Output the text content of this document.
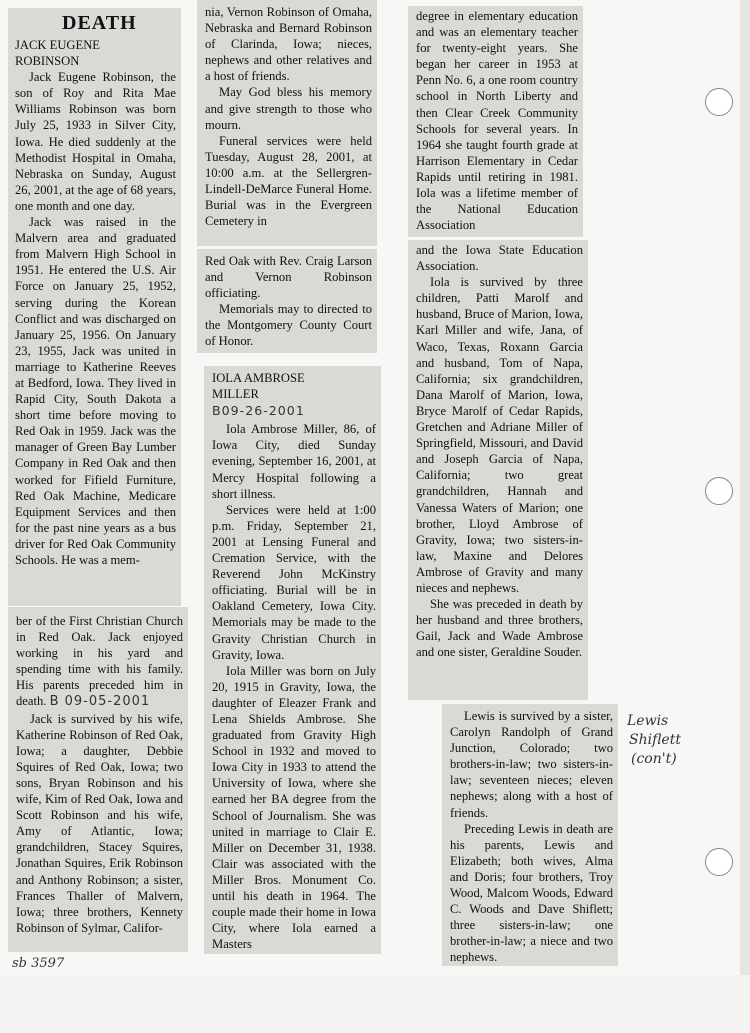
DEATH

JACK EUGENE

ROBINSON

Jack Eugene Robinson, the son of Roy and Rita Mae Williams Robinson was born July 25, 1933 in Silver City, Iowa. He died suddenly at the Methodist Hospital in Omaha, Nebraska on Sunday, August 26, 2001, at the age of 68 years, one month and one day.

Jack was raised in the Malvern area and graduated from Malvern High School in 1951. He entered the U.S. Air Force on January 25, 1952, serving during the Korean Conflict and was discharged on January 25, 1956. On January 23, 1955, Jack was united in marriage to Katherine Reeves at Bedford, Iowa. They lived in Rapid City, South Dakota a short time before moving to Red Oak in 1959. Jack was the manager of Green Bay Lumber Company in Red Oak and then worked for Fifield Furniture, Red Oak Machine, Medicare Equipment Services and then for the past nine years as a bus driver for Red Oak Community Schools. He was a mem-

ber of the First Christian Church in Red Oak. Jack enjoyed working in his yard and spending time with his family. His parents preceded him in death. B 09-05-2001

Jack is survived by his wife, Katherine Robinson of Red Oak, Iowa; a daughter, Debbie Squires of Red Oak, Iowa; two sons, Bryan Robinson and his wife, Kim of Red Oak, Iowa and Scott Robinson and his wife, Amy of Atlantic, Iowa; grandchildren, Stacey Squires, Jonathan Squires, Erik Robinson and Anthony Robinson; a sister, Frances Thaller of Malvern, Iowa; three brothers, Kennety Robinson of Sylmar, Califor-

nia, Vernon Robinson of Omaha, Nebraska and Bernard Robinson of Clarinda, Iowa; nieces, nephews and other relatives and a host of friends.

May God bless his memory and give strength to those who mourn.

Funeral services were held Tuesday, August 28, 2001, at 10:00 a.m. at the Sellergren-Lindell-DeMarce Funeral Home. Burial was in the Evergreen Cemetery in

Red Oak with Rev. Craig Larson and Vernon Robinson officiating.

Memorials may to directed to the Montgomery County Court of Honor.

IOLA AMBROSE

MILLER

B09-26-2001

Iola Ambrose Miller, 86, of Iowa City, died Sunday evening, September 16, 2001, at Mercy Hospital following a short illness.

Services were held at 1:00 p.m. Friday, September 21, 2001 at Lensing Funeral and Cremation Service, with the Reverend John McKinstry officiating. Burial will be in Oakland Cemetery, Iowa City. Memorials may be made to the Gravity Christian Church in Gravity, Iowa.

Iola Miller was born on July 20, 1915 in Gravity, Iowa, the daughter of Eleazer Frank and Lena Shields Ambrose. She graduated from Gravity High School in 1932 and moved to Iowa City in 1933 to attend the University of Iowa, where she earned her BA degree from the School of Journalism. She was united in marriage to Clair E. Miller on December 31, 1938. Clair was associated with the Miller Bros. Monument Co. until his death in 1964. The couple made their home in Iowa City, where Iola earned a Masters

degree in elementary education and was an elementary teacher for twenty-eight years. She began her career in 1953 at Penn No. 6, a one room country school in North Liberty and then Clear Creek Community Schools for several years. In 1964 she taught fourth grade at Harrison Elementary in Cedar Rapids until retiring in 1981. Iola was a lifetime member of the National Education Association

and the Iowa State Education Association.

Iola is survived by three children, Patti Marolf and husband, Bruce of Marion, Iowa, Karl Miller and wife, Jana, of Waco, Texas, Roxann Garcia and husband, Tom of Napa, California; six grandchildren, Dana Marolf of Marion, Iowa, Bryce Marolf of Cedar Rapids, Gretchen and Adriane Miller of Springfield, Missouri, and David and Joseph Garcia of Napa, California; two great grandchildren, Hannah and Vanessa Waters of Marion; one brother, Lloyd Ambrose of Gravity, Iowa; two sisters-in-law, Maxine and Delores Ambrose of Gravity and many nieces and nephews.

She was preceded in death by her husband and three brothers, Gail, Jack and Wade Ambrose and one sister, Geraldine Souder.

Lewis is survived by a sister, Carolyn Randolph of Grand Junction, Colorado; two brothers-in-law; two sisters-in-law; seventeen nieces; eleven nephews; along with a host of friends.

Preceding Lewis in death are his parents, Lewis and Elizabeth; both wives, Alma and Doris; four brothers, Troy Wood, Malcom Woods, Edward C. Woods and Dave Shiflett; three sisters-in-law; one brother-in-law; a niece and two nephews.

Lewis
Shiflett
(con't)
sb 3597
